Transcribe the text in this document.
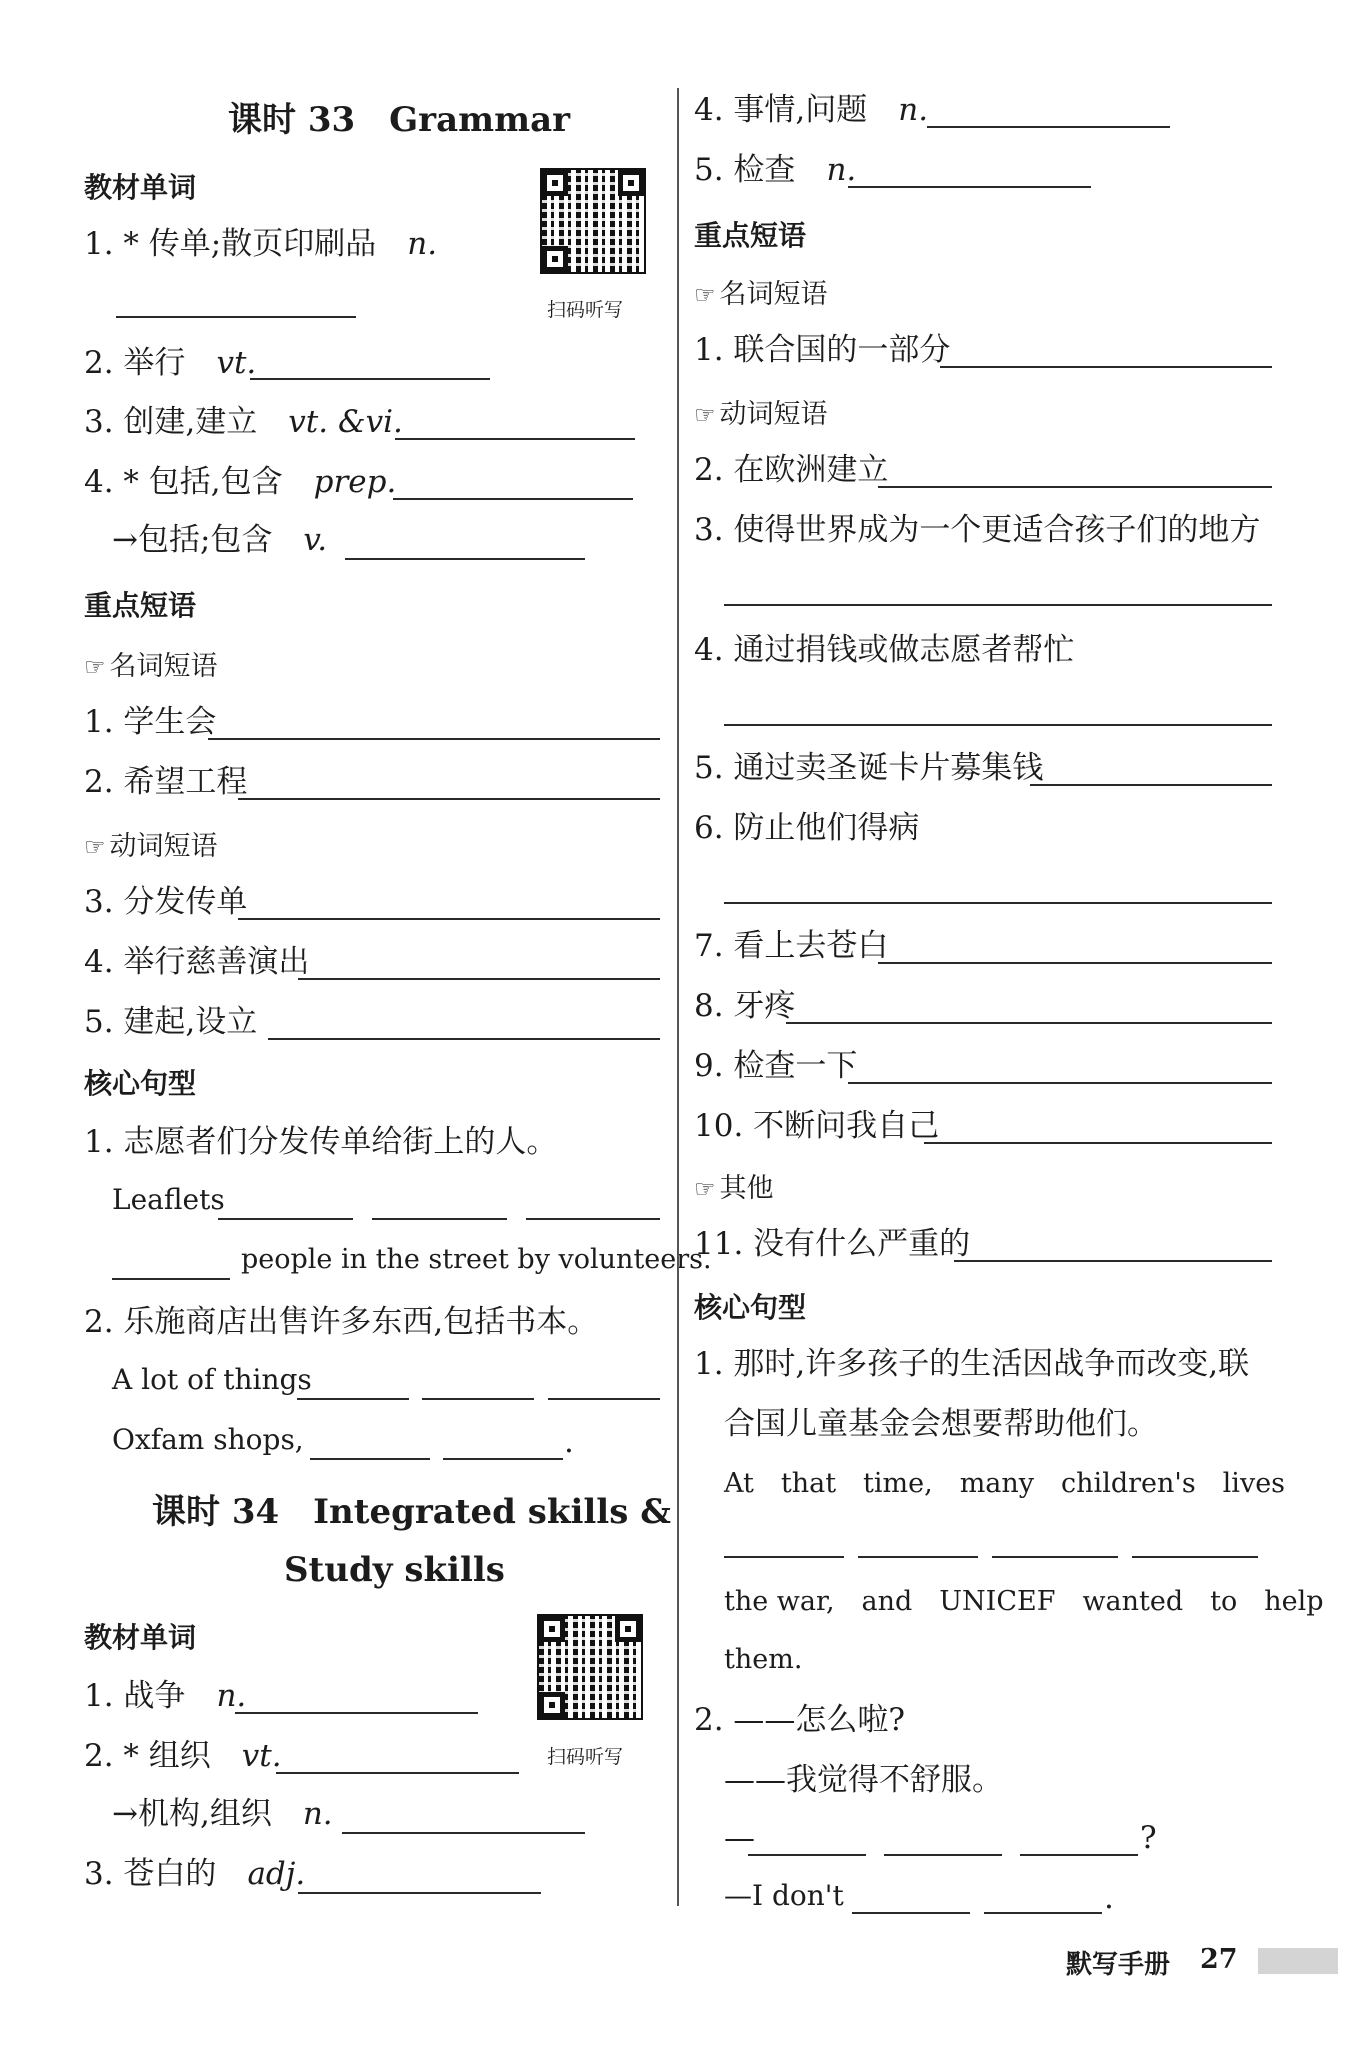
课时 33　Grammar
教材单词
扫码听写
1. * 传单;散页印刷品　n.
2. 举行　vt.
3. 创建,建立　vt. &vi.
4. * 包括,包含　prep.
→包括;包含　v.
重点短语
☞ 名词短语
1. 学生会
2. 希望工程
☞ 动词短语
3. 分发传单
4. 举行慈善演出
5. 建起,设立
核心句型
1. 志愿者们分发传单给街上的人。
Leaflets
people in the street by volunteers.
2. 乐施商店出售许多东西,包括书本。
A lot of things
Oxfam shops,	.
课时 34　Integrated skills &
Study skills
教材单词
扫码听写
1. 战争　n.
2. * 组织　vt.
→机构,组织　n.
3. 苍白的　adj.
4. 事情,问题　n.
5. 检查　n.
重点短语
☞ 名词短语
1. 联合国的一部分
☞ 动词短语
2. 在欧洲建立
3. 使得世界成为一个更适合孩子们的地方
4. 通过捐钱或做志愿者帮忙
5. 通过卖圣诞卡片募集钱
6. 防止他们得病
7. 看上去苍白
8. 牙疼
9. 检查一下
10. 不断问我自己
☞ 其他
11. 没有什么严重的
核心句型
1. 那时,许多孩子的生活因战争而改变,联
合国儿童基金会想要帮助他们。
At　that　time,　many　children's　lives
the war,　and　UNICEF　wanted　to　help
them.
2. ——怎么啦?
——我觉得不舒服。
—	?
—I don't	.
默写手册 27
